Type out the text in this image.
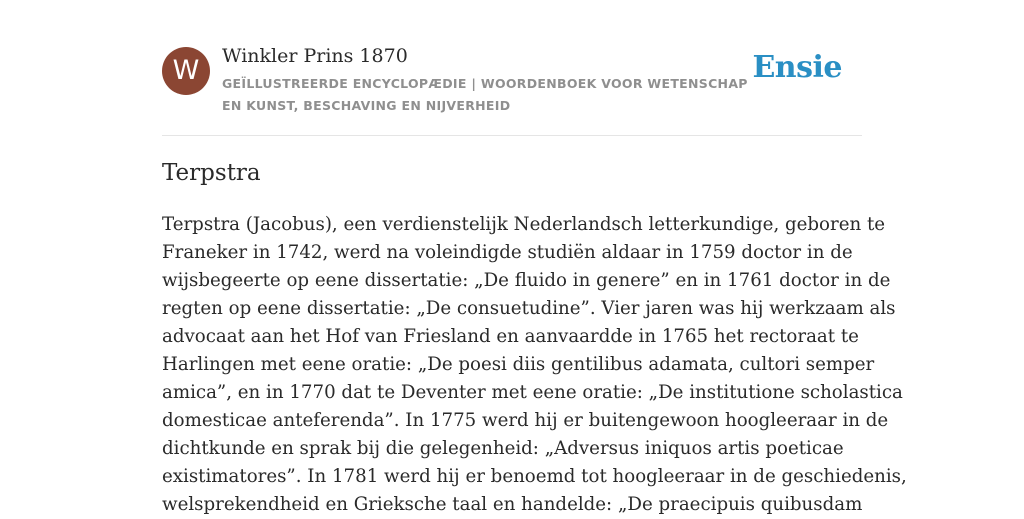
W	Winkler Prins 1870

GEÏLLUSTREERDE ENCYCLOPÆDIE | WOORDENBOEK VOOR WETENSCHAP EN KUNST, BESCHAVING EN NIJVERHEID

Ensie
Terpstra

Terpstra (Jacobus), een verdienstelijk Nederlandsch letterkundige, geboren te
Franeker in 1742, werd na voleindigde studiën aldaar in 1759 doctor in de
wijsbegeerte op eene dissertatie: „De fluido in genere” en in 1761 doctor in de
regten op eene dissertatie: „De consuetudine”. Vier jaren was hij werkzaam als
advocaat aan het Hof van Friesland en aanvaardde in 1765 het rectoraat te
Harlingen met eene oratie: „De poesi diis gentilibus adamata, cultori semper
amica”, en in 1770 dat te Deventer met eene oratie: „De institutione scholastica
domesticae anteferenda”. In 1775 werd hij er buitengewoon hoogleeraar in de
dichtkunde en sprak bij die gelegenheid: „Adversus iniquos artis poeticae
existimatores”. In 1781 werd hij er benoemd tot hoogleeraar in de geschiedenis,
welsprekendheid en Grieksche taal en handelde: „De praecipuis quibusdam
